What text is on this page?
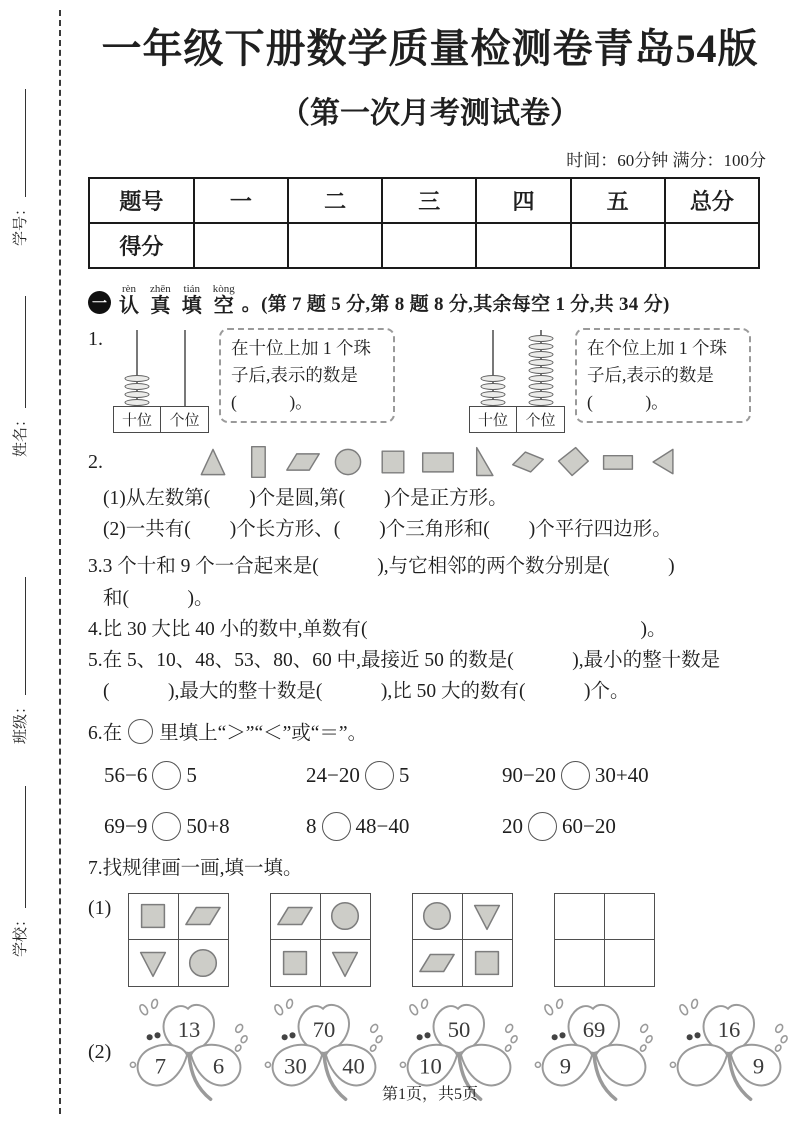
学号：
姓名：
班级：
学校：
一年级下册数学质量检测卷青岛54版
（第一次月考测试卷）
时间：60分钟 满分：100分
题号	一	二	三	四	五	总分
得分						
一
rèn
认

zhēn
真

tián
填

kòng
空 。(第 7 题 5 分,第 8 题 8 分,其余每空 1 分,共 34 分)
1.
十位	个位
在十位上加 1 个珠子后,表示的数是(　　　)。
十位	个位
在个位上加 1 个珠子后,表示的数是(　　　)。
2.
(1)从左数第(　　)个是圆,第(　　)个是正方形。
(2)一共有(　　)个长方形、(　　)个三角形和(　　)个平行四边形。
3.3 个十和 9 个一合起来是(　　　),与它相邻的两个数分别是(　　　)
和(　　　)。
4.比 30 大比 40 小的数中,单数有(　　　　　　　　　　　　　　)。
5.在 5、10、48、53、80、60 中,最接近 50 的数是(　　　),最小的整十数是
(　　　),最大的整十数是(　　　),比 50 大的数有(　　　)个。
6.在 里填上“＞”“＜”或“＝”。
56−6 5	24−20 5	90−20 30+40
69−9 50+8	8 48−40	20 60−20
7.找规律画一画,填一填。
(1)
(2)
13
7 6
70
30 40
50
10
69
9
16
9
第1页，共5页
